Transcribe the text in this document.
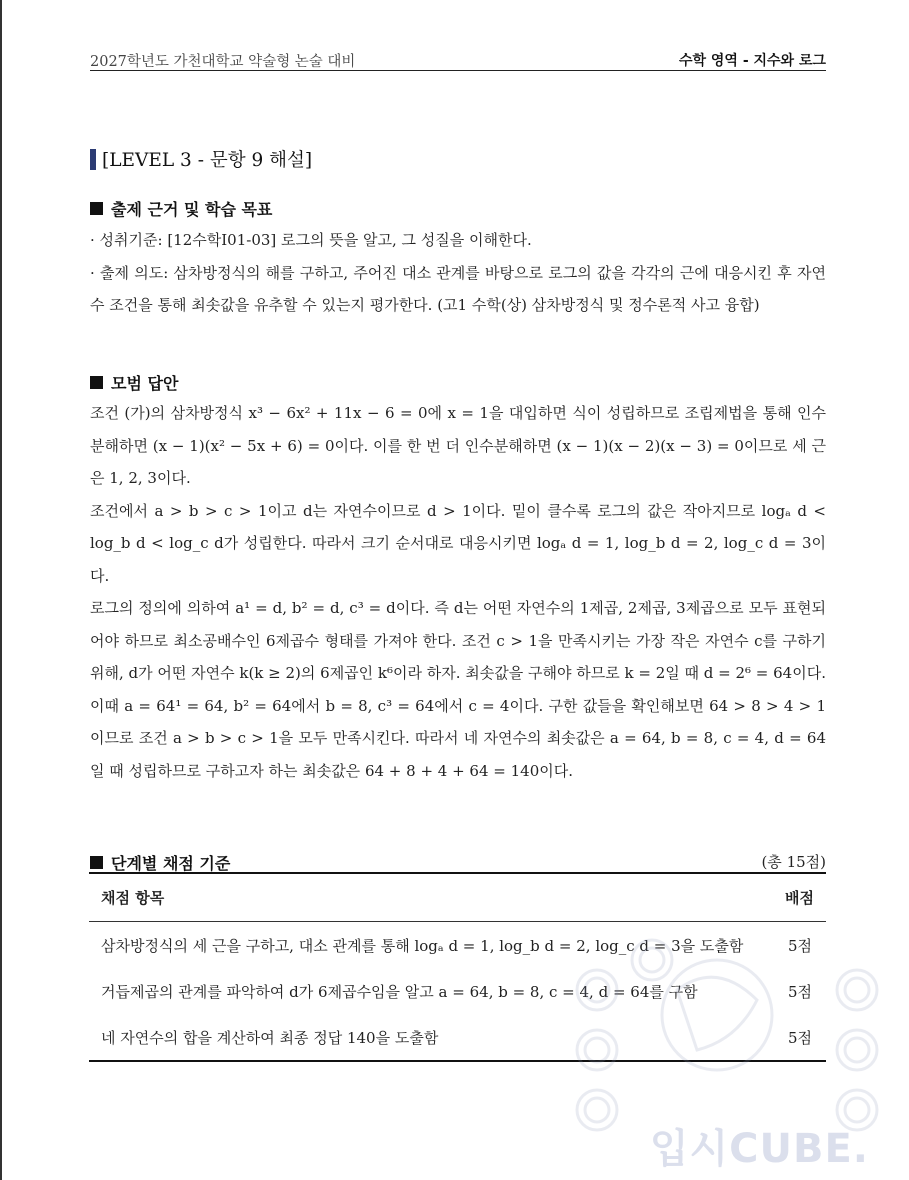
2027학년도 가천대학교 약술형 논술 대비	수학 영역 - 지수와 로그
[LEVEL 3 - 문항 9 해설]
출제 근거 및 학습 목표

· 성취기준: [12수학Ⅰ01-03] 로그의 뜻을 알고, 그 성질을 이해한다.

· 출제 의도: 삼차방정식의 해를 구하고, 주어진 대소 관계를 바탕으로 로그의 값을 각각의 근에 대응시킨 후 자연수 조건을 통해 최솟값을 유추할 수 있는지 평가한다. (고1 수학(상) 삼차방정식 및 정수론적 사고 융합)

모범 답안

조건 (가)의 삼차방정식 x³ − 6x² + 11x − 6 = 0에 x = 1을 대입하면 식이 성립하므로 조립제법을 통해 인수분해하면 (x − 1)(x² − 5x + 6) = 0이다. 이를 한 번 더 인수분해하면 (x − 1)(x − 2)(x − 3) = 0이므로 세 근은 1, 2, 3이다.

조건에서 a > b > c > 1이고 d는 자연수이므로 d > 1이다. 밑이 클수록 로그의 값은 작아지므로 logₐ d < log_b d < log_c d가 성립한다. 따라서 크기 순서대로 대응시키면 logₐ d = 1, log_b d = 2, log_c d = 3이다.

로그의 정의에 의하여 a¹ = d, b² = d, c³ = d이다. 즉 d는 어떤 자연수의 1제곱, 2제곱, 3제곱으로 모두 표현되어야 하므로 최소공배수인 6제곱수 형태를 가져야 한다. 조건 c > 1을 만족시키는 가장 작은 자연수 c를 구하기 위해, d가 어떤 자연수 k(k ≥ 2)의 6제곱인 k⁶이라 하자. 최솟값을 구해야 하므로 k = 2일 때 d = 2⁶ = 64이다.

이때 a = 64¹ = 64, b² = 64에서 b = 8, c³ = 64에서 c = 4이다. 구한 값들을 확인해보면 64 > 8 > 4 > 1이므로 조건 a > b > c > 1을 모두 만족시킨다. 따라서 네 자연수의 최솟값은 a = 64, b = 8, c = 4, d = 64일 때 성립하므로 구하고자 하는 최솟값은 64 + 8 + 4 + 64 = 140이다.

단계별 채점 기준	(총 15점)
채점 항목	배점
삼차방정식의 세 근을 구하고, 대소 관계를 통해 logₐ d = 1, log_b d = 2, log_c d = 3을 도출함	5점
거듭제곱의 관계를 파악하여 d가 6제곱수임을 알고 a = 64, b = 8, c = 4, d = 64를 구함	5점
네 자연수의 합을 계산하여 최종 정답 140을 도출함	5점
입시CUBE.
